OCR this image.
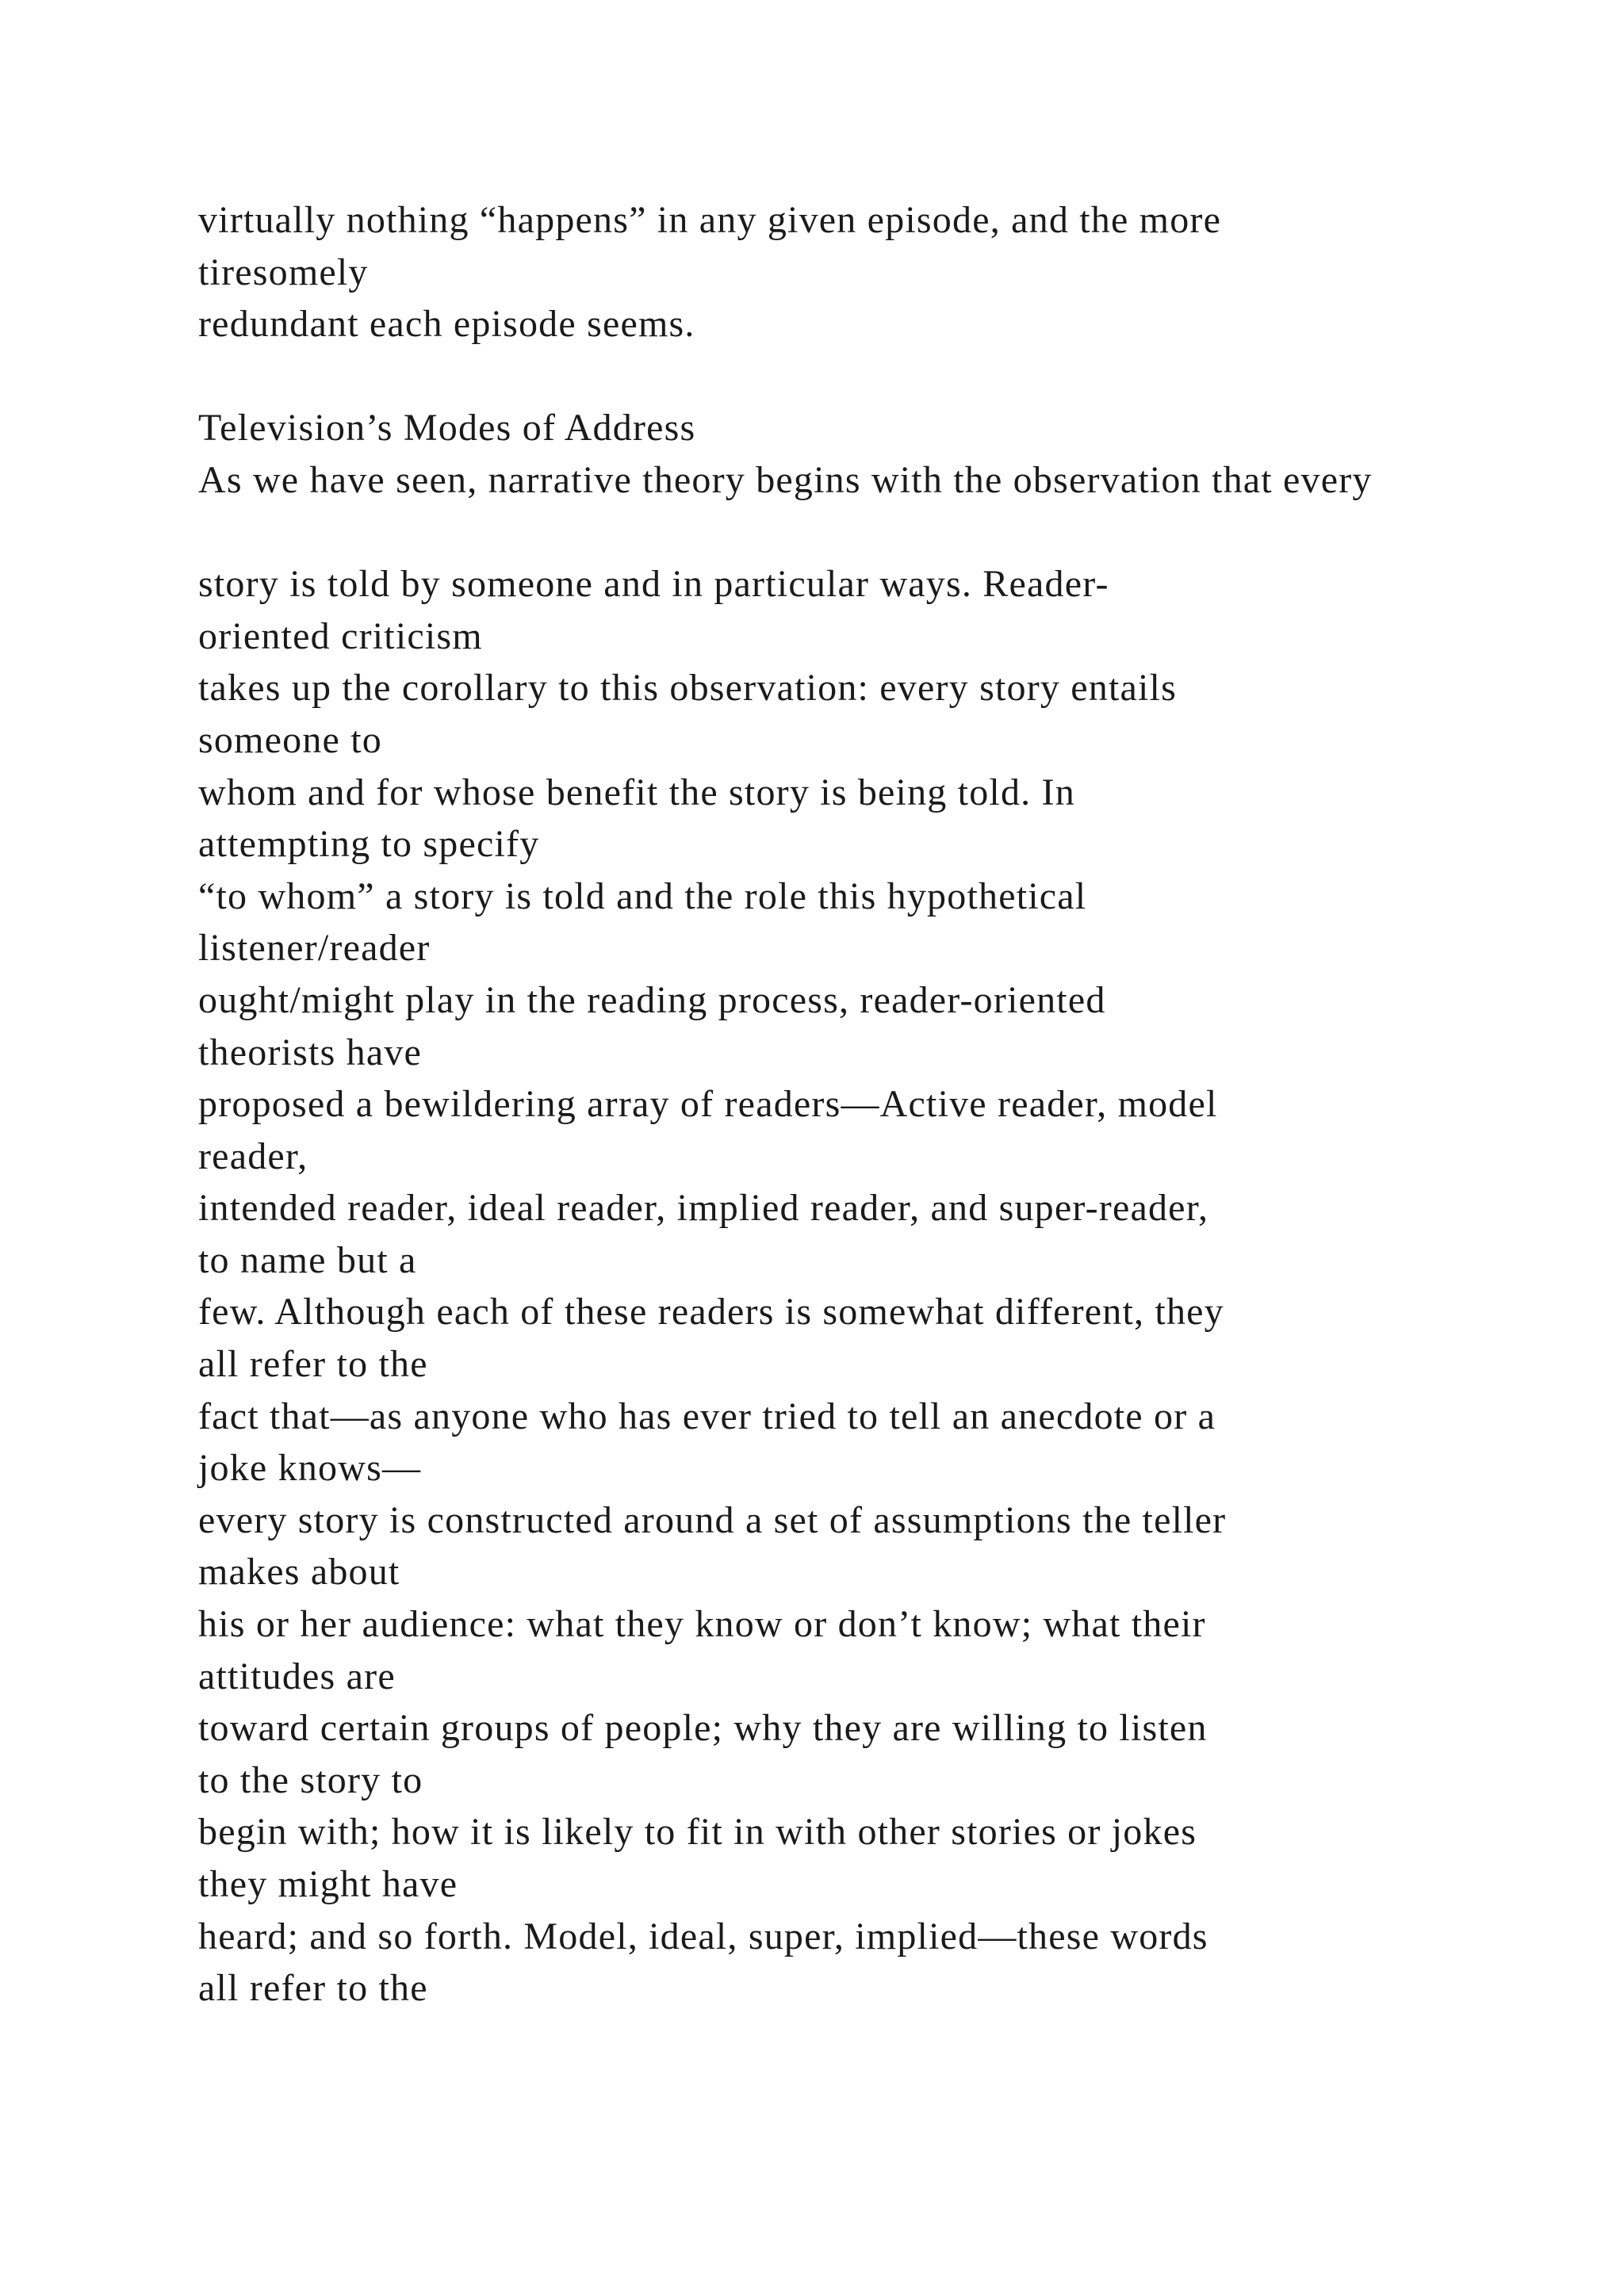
virtually nothing “happens” in any given episode, and the more
tiresomely
redundant each episode seems.
Television’s Modes of Address
As we have seen, narrative theory begins with the observation that every
story is told by someone and in particular ways. Reader-
oriented criticism
takes up the corollary to this observation: every story entails
someone to
whom and for whose benefit the story is being told. In
attempting to specify
“to whom” a story is told and the role this hypothetical
listener/reader
ought/might play in the reading process, reader-oriented
theorists have
proposed a bewildering array of readers—Active reader, model
reader,
intended reader, ideal reader, implied reader, and super-reader,
to name but a
few. Although each of these readers is somewhat different, they
all refer to the
fact that—as anyone who has ever tried to tell an anecdote or a
joke knows—
every story is constructed around a set of assumptions the teller
makes about
his or her audience: what they know or don’t know; what their
attitudes are
toward certain groups of people; why they are willing to listen
to the story to
begin with; how it is likely to fit in with other stories or jokes
they might have
heard; and so forth. Model, ideal, super, implied—these words
all refer to the
